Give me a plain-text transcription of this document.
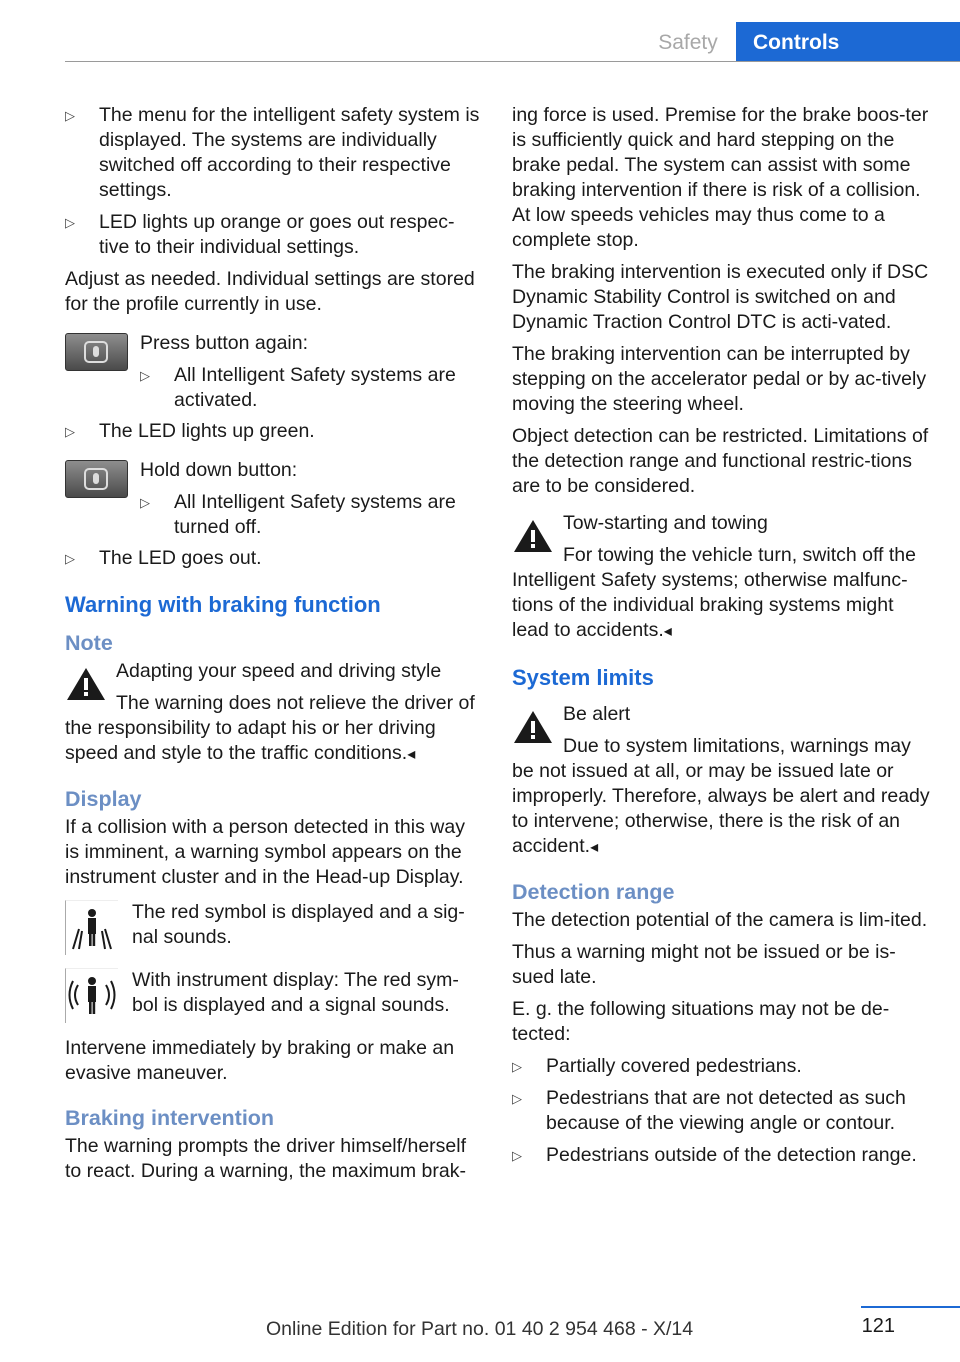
Safety	Controls
▷ The menu for the intelligent safety system is displayed. The systems are individually switched off according to their respective settings.
▷ LED lights up orange or goes out respec-tive to their individual settings.

Adjust as needed. Individual settings are stored for the profile currently in use.

Press button again:

▷ All Intelligent Safety systems are activated.
▷ The LED lights up green.

Hold down button:

▷ All Intelligent Safety systems are turned off.
▷ The LED goes out.
Warning with braking function
Note

Adapting your speed and driving style

The warning does not relieve the driver of the responsibility to adapt his or her driving speed and style to the traffic conditions.◂

Display

If a collision with a person detected in this way is imminent, a warning symbol appears on the instrument cluster and in the Head-up Display.

The red symbol is displayed and a sig-nal sounds.

With instrument display: The red sym-bol is displayed and a signal sounds.

Intervene immediately by braking or make an evasive maneuver.

Braking intervention

The warning prompts the driver himself/herself to react. During a warning, the maximum brak-

ing force is used. Premise for the brake boos-ter is sufficiently quick and hard stepping on the brake pedal. The system can assist with some braking intervention if there is risk of a collision. At low speeds vehicles may thus come to a complete stop.

The braking intervention is executed only if DSC Dynamic Stability Control is switched on and Dynamic Traction Control DTC is acti-vated.

The braking intervention can be interrupted by stepping on the accelerator pedal or by ac-tively moving the steering wheel.

Object detection can be restricted. Limitations of the detection range and functional restric-tions are to be considered.

Tow-starting and towing

For towing the vehicle turn, switch off the Intelligent Safety systems; otherwise malfunc-tions of the individual braking systems might lead to accidents.◂

System limits

Be alert

Due to system limitations, warnings may be not issued at all, or may be issued late or improperly. Therefore, always be alert and ready to intervene; otherwise, there is the risk of an accident.◂

Detection range

The detection potential of the camera is lim-ited.

Thus a warning might not be issued or be is-sued late.

E. g. the following situations may not be de-tected:

▷ Partially covered pedestrians.
▷ Pedestrians that are not detected as such because of the viewing angle or contour.
▷ Pedestrians outside of the detection range.
121
Online Edition for Part no. 01 40 2 954 468 - X/14
